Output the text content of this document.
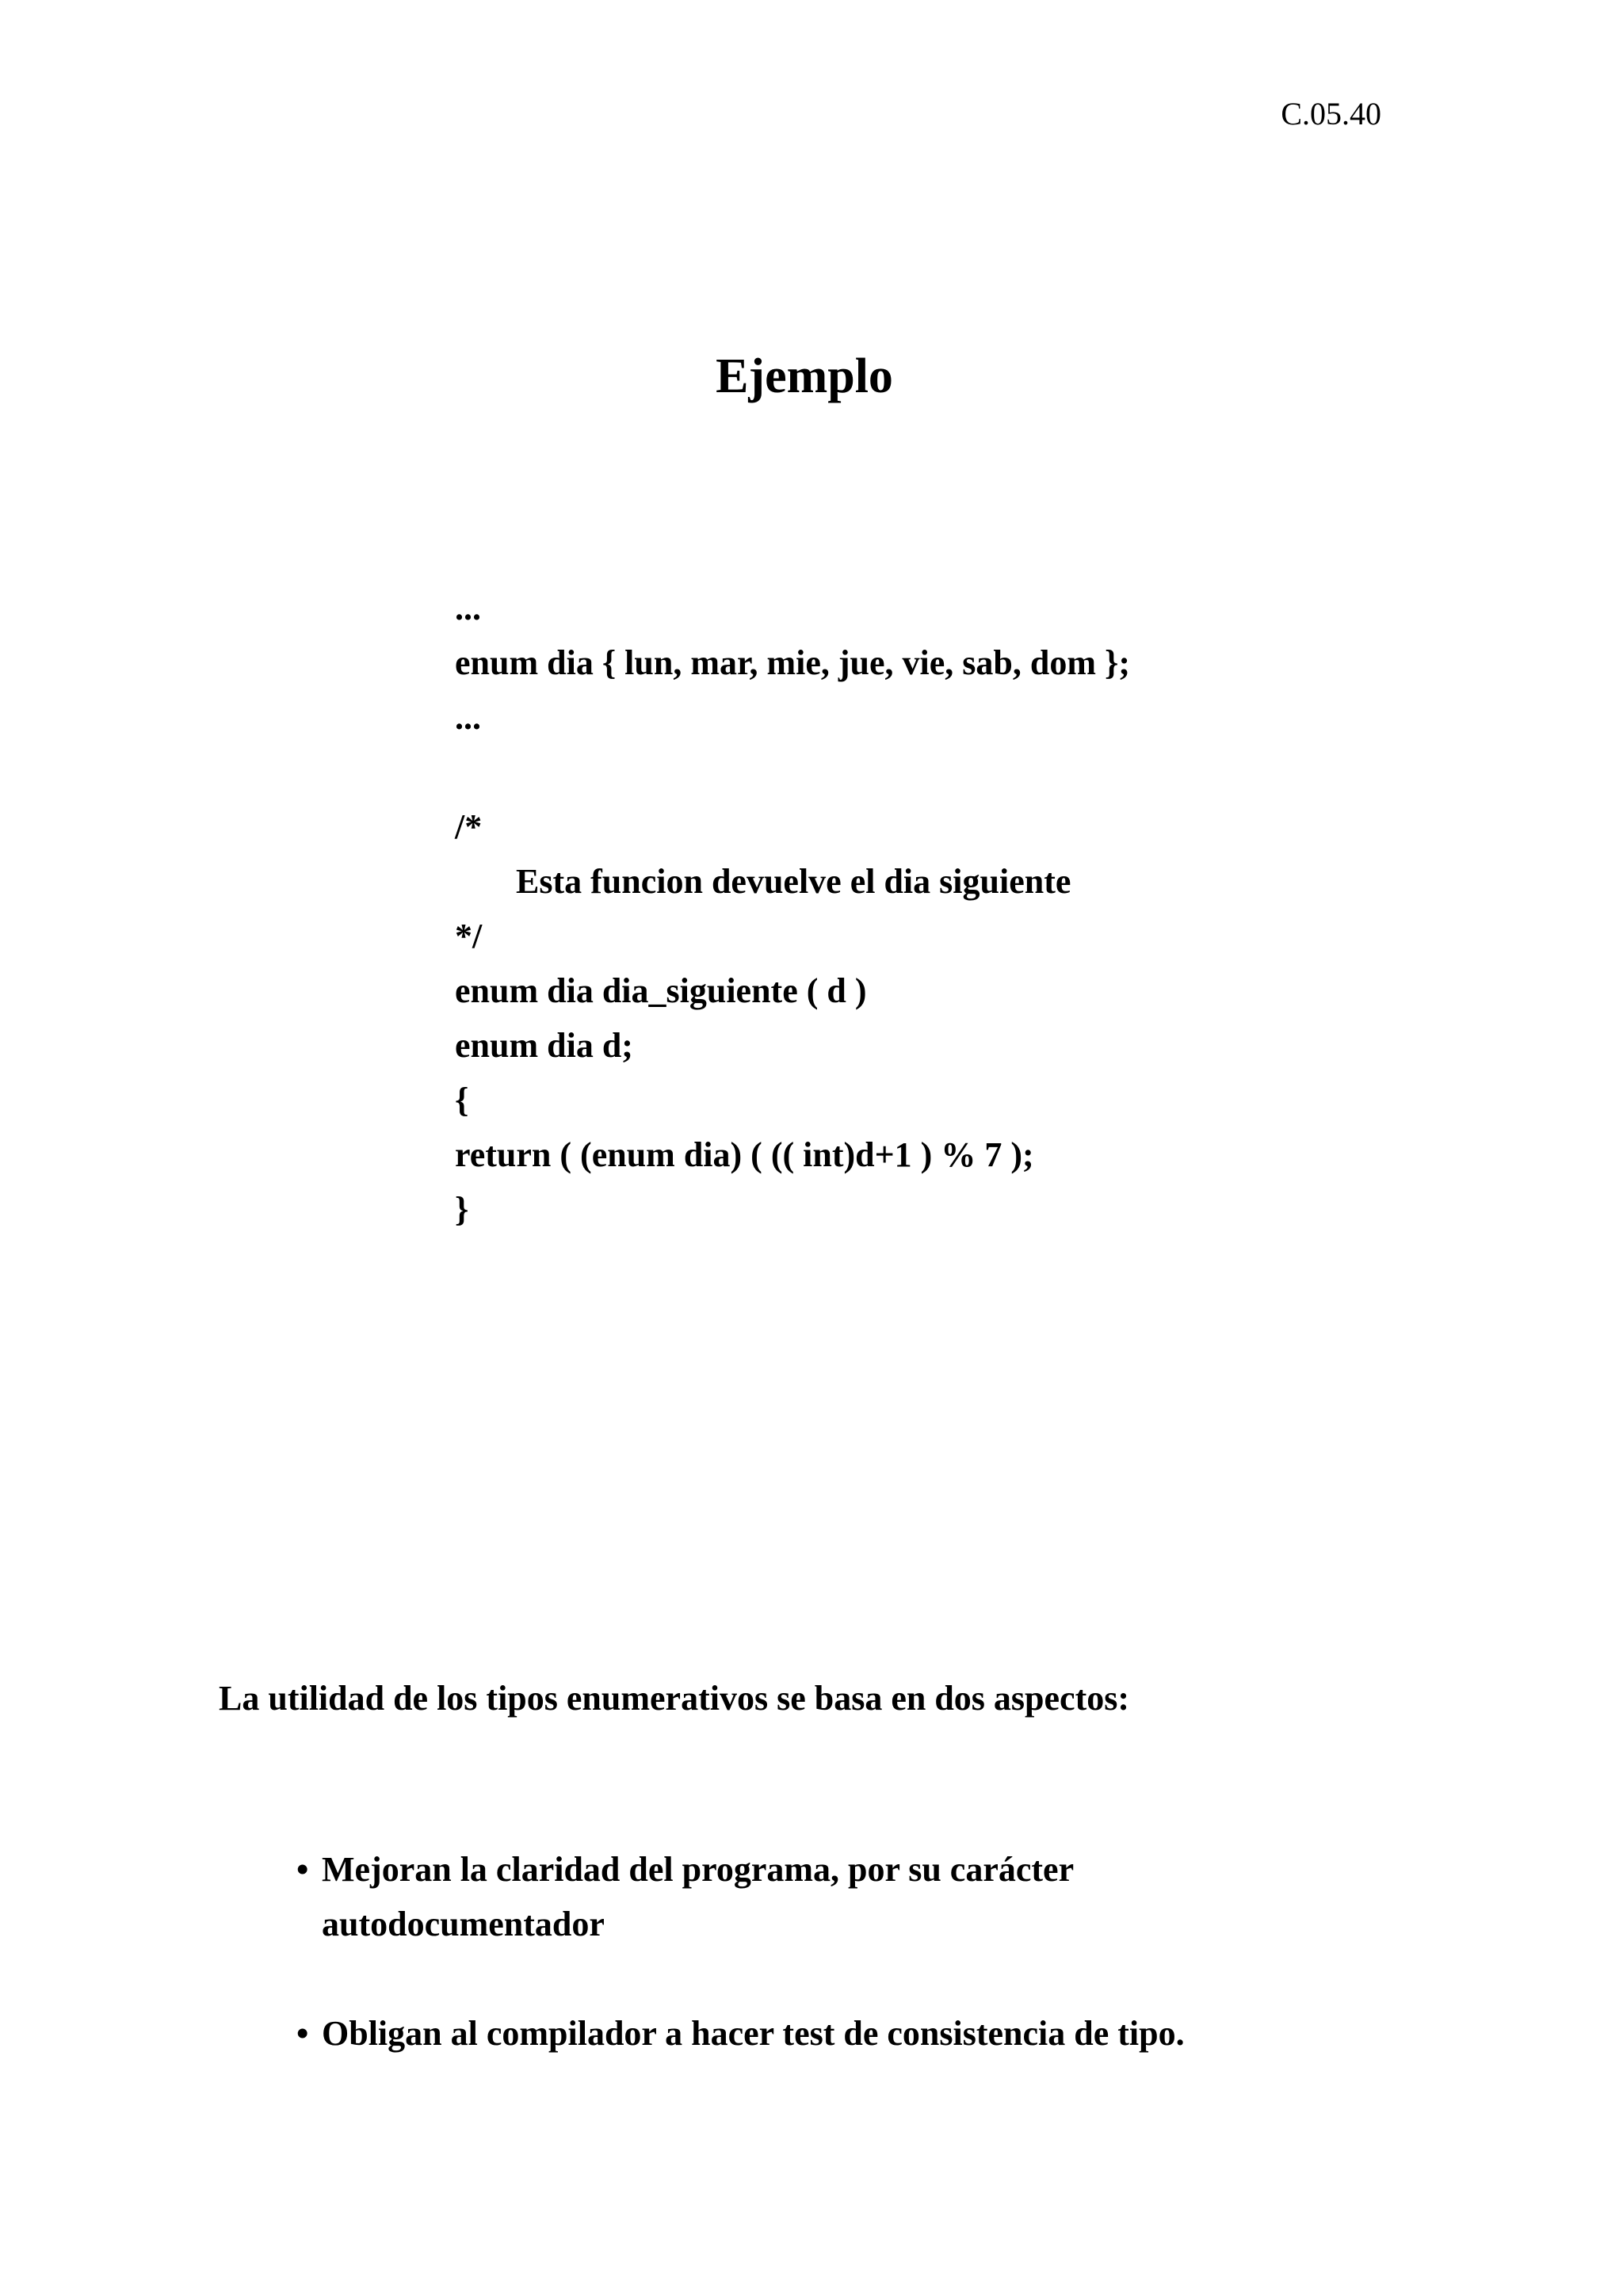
C.05.40
Ejemplo
...
enum dia { lun, mar, mie, jue, vie, sab, dom };
...
/*
Esta funcion devuelve el dia siguiente
*/
enum dia dia_siguiente ( d )
enum dia d;
{
return ( (enum dia) ( (( int)d+1 ) % 7 );
}
La utilidad de los tipos enumerativos se basa en dos aspectos:
• Mejoran la claridad del programa, por su carácter autodocumentador
• Obligan al compilador a hacer test de consistencia de tipo.
